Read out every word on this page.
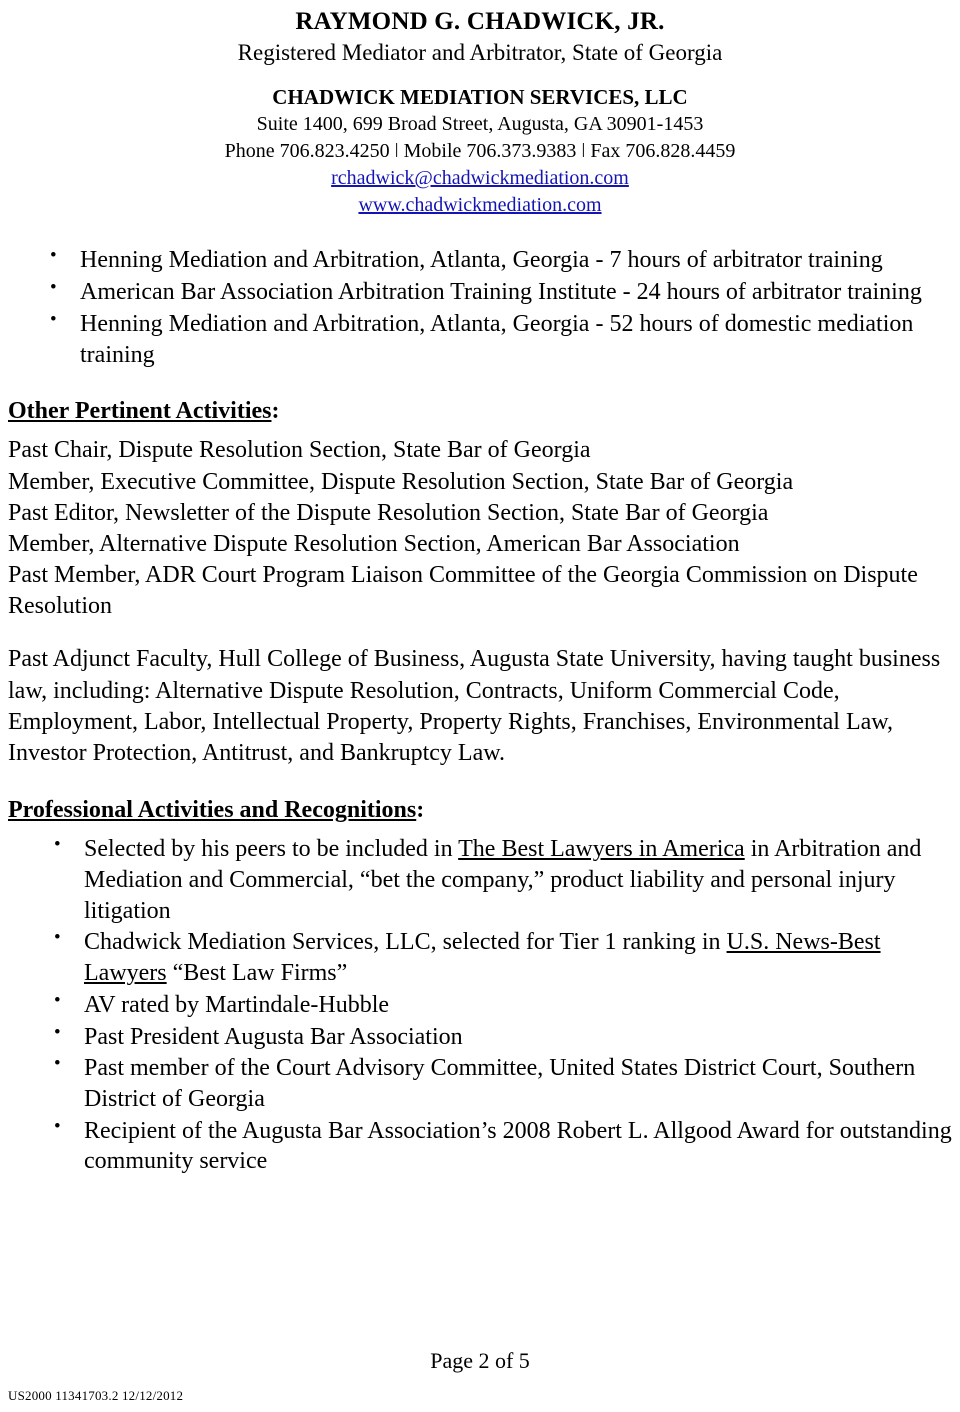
RAYMOND G. CHADWICK, JR.
Registered Mediator and Arbitrator, State of Georgia
CHADWICK MEDIATION SERVICES, LLC
Suite 1400, 699 Broad Street, Augusta, GA 30901-1453
Phone 706.823.4250 ǀ Mobile 706.373.9383 ǀ Fax 706.828.4459
rchadwick@chadwickmediation.com
www.chadwickmediation.com
• Henning Mediation and Arbitration, Atlanta, Georgia - 7 hours of arbitrator training
• American Bar Association Arbitration Training Institute - 24 hours of arbitrator training
• Henning Mediation and Arbitration, Atlanta, Georgia - 52 hours of domestic mediation training
Other Pertinent Activities:

Past Chair, Dispute Resolution Section, State Bar of Georgia

Member, Executive Committee, Dispute Resolution Section, State Bar of Georgia

Past Editor, Newsletter of the Dispute Resolution Section, State Bar of Georgia

Member, Alternative Dispute Resolution Section, American Bar Association

Past Member, ADR Court Program Liaison Committee of the Georgia Commission on Dispute Resolution

Past Adjunct Faculty, Hull College of Business, Augusta State University, having taught business law, including: Alternative Dispute Resolution, Contracts, Uniform Commercial Code, Employment, Labor, Intellectual Property, Property Rights, Franchises, Environmental Law, Investor Protection, Antitrust, and Bankruptcy Law.

Professional Activities and Recognitions:
• Selected by his peers to be included in The Best Lawyers in America in Arbitration and Mediation and Commercial, “bet the company,” product liability and personal injury litigation
• Chadwick Mediation Services, LLC, selected for Tier 1 ranking in U.S. News-Best Lawyers “Best Law Firms”
• AV rated by Martindale-Hubble
• Past President Augusta Bar Association
• Past member of the Court Advisory Committee, United States District Court, Southern District of Georgia
• Recipient of the Augusta Bar Association’s 2008 Robert L. Allgood Award for outstanding community service
Page 2 of 5
US2000 11341703.2 12/12/2012
